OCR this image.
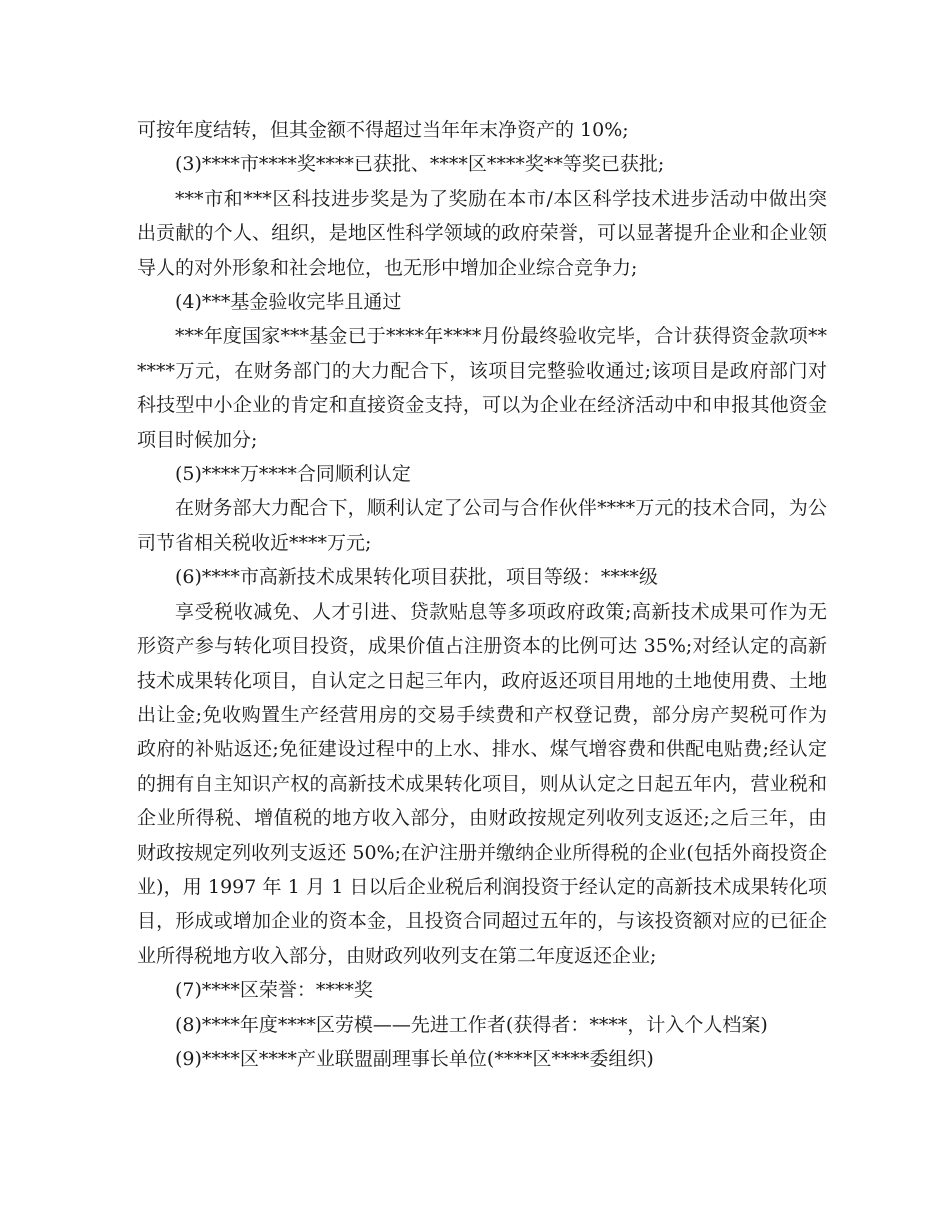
可按年度结转，但其金额不得超过当年年末净资产的 10%;

(3)****市****奖****已获批、****区****奖**等奖已获批;

***市和***区科技进步奖是为了奖励在本市/本区科学技术进步活动中做出突出贡献的个人、组织，是地区性科学领域的政府荣誉，可以显著提升企业和企业领导人的对外形象和社会地位，也无形中增加企业综合竞争力;

(4)***基金验收完毕且通过

***年度国家***基金已于****年****月份最终验收完毕，合计获得资金款项******万元，在财务部门的大力配合下，该项目完整验收通过;该项目是政府部门对科技型中小企业的肯定和直接资金支持，可以为企业在经济活动中和申报其他资金项目时候加分;

(5)****万****合同顺利认定

在财务部大力配合下，顺利认定了公司与合作伙伴****万元的技术合同，为公司节省相关税收近****万元;

(6)****市高新技术成果转化项目获批，项目等级：****级

享受税收减免、人才引进、贷款贴息等多项政府政策;高新技术成果可作为无形资产参与转化项目投资，成果价值占注册资本的比例可达 35%;对经认定的高新技术成果转化项目，自认定之日起三年内，政府返还项目用地的土地使用费、土地出让金;免收购置生产经营用房的交易手续费和产权登记费，部分房产契税可作为政府的补贴返还;免征建设过程中的上水、排水、煤气增容费和供配电贴费;经认定的拥有自主知识产权的高新技术成果转化项目，则从认定之日起五年内，营业税和企业所得税、增值税的地方收入部分，由财政按规定列收列支返还;之后三年，由财政按规定列收列支返还 50%;在沪注册并缴纳企业所得税的企业(包括外商投资企业)，用 1997 年 1 月 1 日以后企业税后利润投资于经认定的高新技术成果转化项目，形成或增加企业的资本金，且投资合同超过五年的，与该投资额对应的已征企业所得税地方收入部分，由财政列收列支在第二年度返还企业;

(7)****区荣誉：****奖

(8)****年度****区劳模——先进工作者(获得者：****，计入个人档案)

(9)****区****产业联盟副理事长单位(****区****委组织)
